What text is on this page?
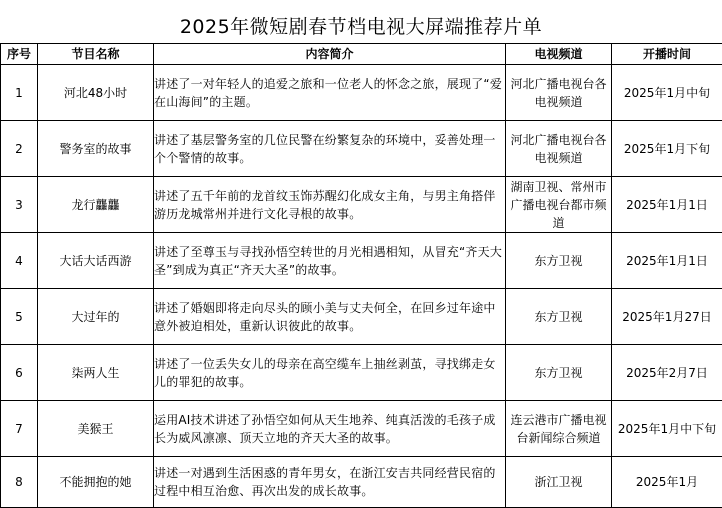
2025年微短剧春节档电视大屏端推荐片单
序号	节目名称	内容简介	电视频道	开播时间
1	河北48小时	讲述了一对年轻人的追爱之旅和一位老人的怀念之旅，展现了“爱在山海间”的主题。	河北广播电视台各电视频道	2025年1月中旬
2	警务室的故事	讲述了基层警务室的几位民警在纷繁复杂的环境中，妥善处理一个个警情的故事。	河北广播电视台各电视频道	2025年1月下旬
3	龙行龘龘	讲述了五千年前的龙首纹玉饰苏醒幻化成女主角，与男主角搭伴游历龙城常州并进行文化寻根的故事。	湖南卫视、常州市广播电视台都市频道	2025年1月1日
4	大话大话西游	讲述了至尊玉与寻找孙悟空转世的月光相遇相知，从冒充“齐天大圣”到成为真正“齐天大圣”的故事。	东方卫视	2025年1月1日
5	大过年的	讲述了婚姻即将走向尽头的顾小美与丈夫何全，在回乡过年途中意外被迫相处，重新认识彼此的故事。	东方卫视	2025年1月27日
6	柒两人生	讲述了一位丢失女儿的母亲在高空缆车上抽丝剥茧，寻找绑走女儿的罪犯的故事。	东方卫视	2025年2月7日
7	美猴王	运用AI技术讲述了孙悟空如何从天生地养、纯真活泼的毛孩子成长为威风凛凛、顶天立地的齐天大圣的故事。	连云港市广播电视台新闻综合频道	2025年1月中下旬
8	不能拥抱的她	讲述一对遇到生活困惑的青年男女，在浙江安吉共同经营民宿的过程中相互治愈、再次出发的成长故事。	浙江卫视	2025年1月
